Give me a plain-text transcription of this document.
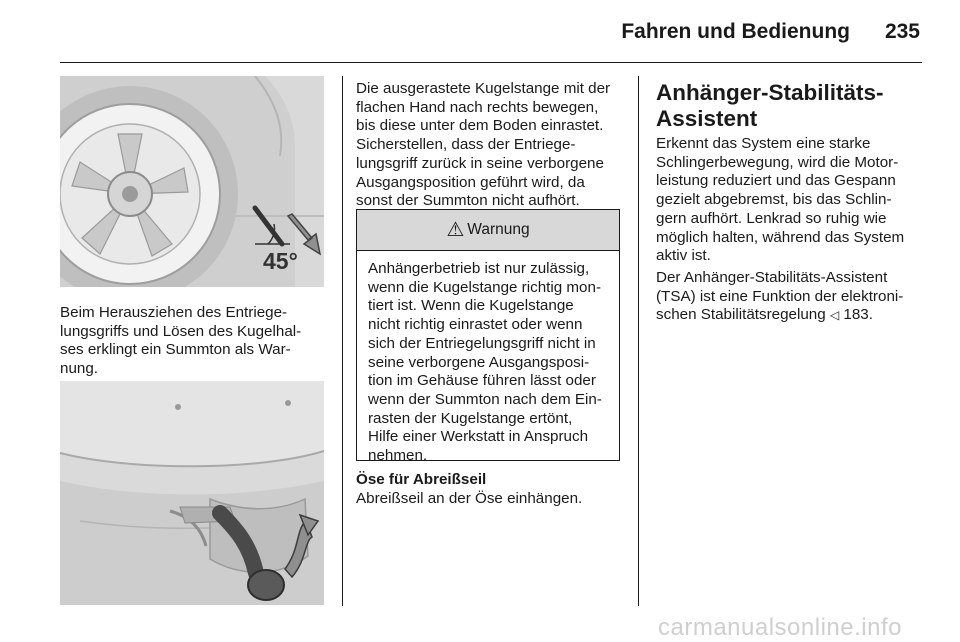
Fahren und Bedienung 235
45°
Beim Herausziehen des Entriege-
lungsgriffs und Lösen des Kugelhal-
ses erklingt ein Summton als War-
nung.
Die ausgerastete Kugelstange mit der
flachen Hand nach rechts bewegen,
bis diese unter dem Boden einrastet.
Sicherstellen, dass der Entriege-
lungsgriff zurück in seine verborgene
Ausgangsposition geführt wird, da
sonst der Summton nicht aufhört.
⚠ Warnung
Anhängerbetrieb ist nur zulässig,
wenn die Kugelstange richtig mon-
tiert ist. Wenn die Kugelstange
nicht richtig einrastet oder wenn
sich der Entriegelungsgriff nicht in
seine verborgene Ausgangsposi-
tion im Gehäuse führen lässt oder
wenn der Summton nach dem Ein-
rasten der Kugelstange ertönt,
Hilfe einer Werkstatt in Anspruch
nehmen.
Öse für Abreißseil
Abreißseil an der Öse einhängen.
Anhänger-Stabilitäts-
Assistent
Erkennt das System eine starke
Schlingerbewegung, wird die Motor-
leistung reduziert und das Gespann
gezielt abgebremst, bis das Schlin-
gern aufhört. Lenkrad so ruhig wie
möglich halten, während das System
aktiv ist.
Der Anhänger-Stabilitäts-Assistent
(TSA) ist eine Funktion der elektroni-
schen Stabilitätsregelung ◁ 183.
carmanualsonline.info
